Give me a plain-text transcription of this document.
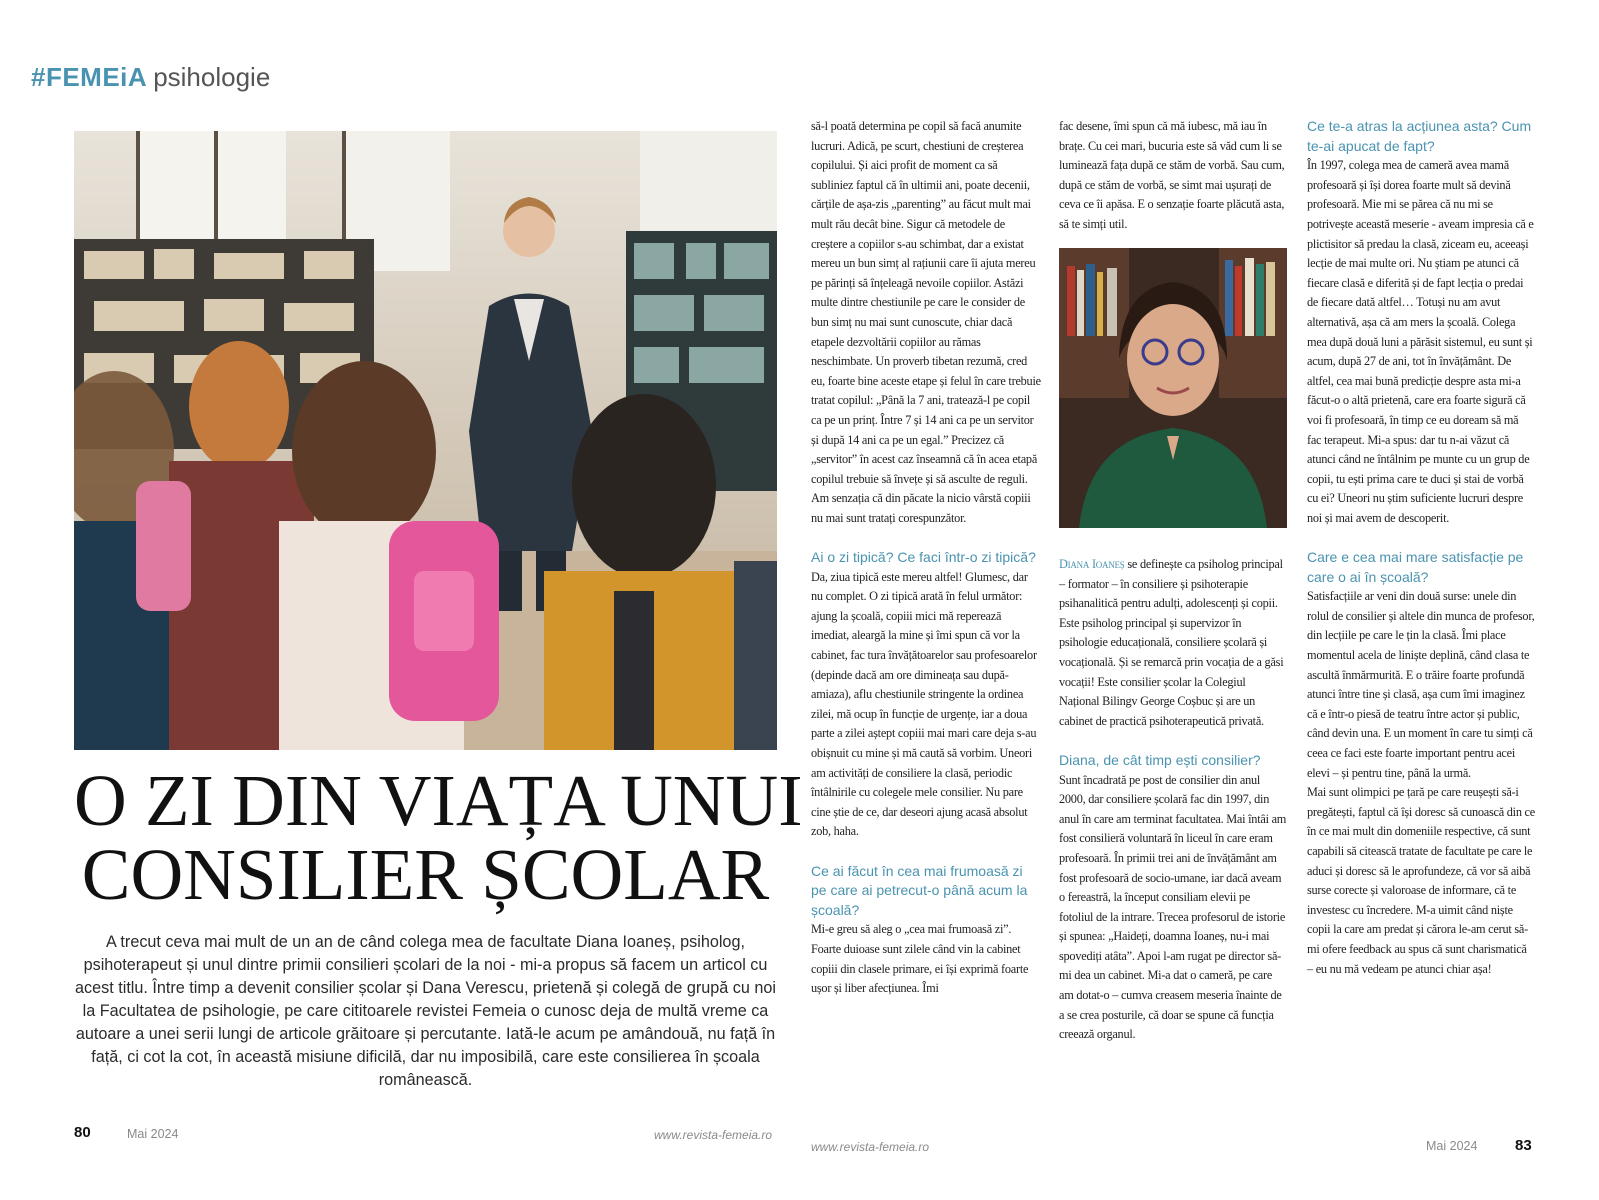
#FEMEiA psihologie
O ZI DIN VIAȚA UNUI
CONSILIER ȘCOLAR
A trecut ceva mai mult de un an de când colega mea de facultate Diana Ioaneș, psiholog, psihoterapeut și unul dintre primii consilieri școlari de la noi - mi-a propus să facem un articol cu acest titlu. Între timp a devenit consilier școlar și Dana Verescu, prietenă și colegă de grupă cu noi la Facultatea de psihologie, pe care cititoarele revistei Femeia o cunosc deja de multă vreme ca autoare a unei serii lungi de articole grăitoare și percutante. Iată-le acum pe amândouă, nu față în față, ci cot la cot, în această misiune dificilă, dar nu imposibilă, care este consilierea în școala românească.
80	Mai 2024	www.revista-femeia.ro
www.revista-femeia.ro	Mai 2024	83

să-l poată determina pe copil să facă anumite lucruri. Adică, pe scurt, chestiuni de creșterea copilului. Și aici profit de moment ca să subliniez faptul că în ultimii ani, poate decenii, cărțile de așa-zis „parenting” au făcut mult mai mult rău decât bine. Sigur că metodele de creștere a copiilor s-au schimbat, dar a existat mereu un bun simț al rațiunii care îi ajuta mereu pe părinți să înțeleagă nevoile copiilor. Astăzi multe dintre chestiunile pe care le consider de bun simț nu mai sunt cunoscute, chiar dacă etapele dezvoltării copiilor au rămas neschimbate. Un proverb tibetan rezumă, cred eu, foarte bine aceste etape și felul în care trebuie tratat copilul: „Până la 7 ani, tratează-l pe copil ca pe un prinț. Între 7 și 14 ani ca pe un servitor și după 14 ani ca pe un egal.” Precizez că „servitor” în acest caz înseamnă că în acea etapă copilul trebuie să învețe și să asculte de reguli. Am senzația că din păcate la nicio vârstă copiii nu mai sunt tratați corespunzător.

Ai o zi tipică? Ce faci într-o zi tipică?

Da, ziua tipică este mereu altfel! Glumesc, dar nu complet. O zi tipică arată în felul următor: ajung la școală, copiii mici mă repereazā imediat, aleargă la mine și îmi spun că vor la cabinet, fac tura învățătoarelor sau profesoarelor (depinde dacă am ore dimineața sau după-amiaza), aflu chestiunile stringente la ordinea zilei, mă ocup în funcție de urgențe, iar a doua parte a zilei aștept copiii mai mari care deja s-au obișnuit cu mine și mă caută să vorbim. Uneori am activități de consiliere la clasă, periodic întâlnirile cu colegele mele consilier. Nu pare cine știe de ce, dar deseori ajung acasă absolut zob, haha.

Ce ai făcut în cea mai frumoasă zi pe care ai petrecut-o până acum la școală?

Mi-e greu să aleg o „cea mai frumoasă zi”. Foarte duioase sunt zilele când vin la cabinet copiii din clasele primare, ei își exprimă foarte ușor și liber afecțiunea. Îmi

fac desene, îmi spun că mă iubesc, mă iau în brațe. Cu cei mari, bucuria este să văd cum li se luminează fața după ce stăm de vorbă. Sau cum, după ce stăm de vorbă, se simt mai ușurați de ceva ce îi apăsa. E o senzație foarte plăcută asta, să te simți util.

Diana Ioaneș se definește ca psiholog principal – formator – în consiliere și psihoterapie psihanalitică pentru adulți, adolescenți și copii. Este psiholog principal și supervizor în psihologie educațională, consiliere școlară și vocațională. Și se remarcă prin vocația de a găsi vocații! Este consilier școlar la Colegiul Național Bilingv George Coșbuc și are un cabinet de practică psihoterapeutică privată.

Diana, de cât timp ești consilier?

Sunt încadrată pe post de consilier din anul 2000, dar consiliere școlară fac din 1997, din anul în care am terminat facultatea. Mai întâi am fost consilieră voluntară în liceul în care eram profesoară. În primii trei ani de învățământ am fost profesoară de socio-umane, iar dacă aveam o fereastră, la început consiliam elevii pe fotoliul de la intrare. Trecea profesorul de istorie și spunea: „Haideți, doamna Ioaneș, nu-i mai spovediți atâta”. Apoi l-am rugat pe director să-mi dea un cabinet. Mi-a dat o cameră, pe care am dotat-o – cumva creasem meseria înainte de a se crea posturile, că doar se spune că funcția creează organul.

Ce te-a atras la acțiunea asta? Cum te-ai apucat de fapt?

În 1997, colega mea de cameră avea mamă profesoară și își dorea foarte mult să devină profesoară. Mie mi se părea că nu mi se potrivește această meserie - aveam impresia că e plictisitor să predau la clasă, ziceam eu, aceeași lecție de mai multe ori. Nu știam pe atunci că fiecare clasă e diferită și de fapt lecția o predai de fiecare dată altfel… Totuși nu am avut alternativă, așa că am mers la școală. Colega mea după două luni a părăsit sistemul, eu sunt și acum, după 27 de ani, tot în învățământ. De altfel, cea mai bună predicție despre asta mi-a făcut-o o altă prietenă, care era foarte sigură că voi fi profesoară, în timp ce eu doream să mă fac terapeut. Mi-a spus: dar tu n-ai văzut că atunci când ne întâlnim pe munte cu un grup de copii, tu ești prima care te duci și stai de vorbă cu ei? Uneori nu știm suficiente lucruri despre noi și mai avem de descoperit.

Care e cea mai mare satisfacție pe care o ai în școală?

Satisfacțiile ar veni din două surse: unele din rolul de consilier și altele din munca de profesor, din lecțiile pe care le țin la clasă. Îmi place momentul acela de liniște deplină, când clasa te ascultă înmărmurită. E o trăire foarte profundă atunci între tine și clasă, așa cum îmi imaginez că e într-o piesă de teatru între actor și public, când devin una. E un moment în care tu simți că ceea ce faci este foarte important pentru acei elevi – și pentru tine, până la urmă.

Mai sunt olimpici pe țară pe care reușești să-i pregătești, faptul că își doresc să cunoască din ce în ce mai mult din domeniile respective, că sunt capabili să citească tratate de facultate pe care le aduci și doresc să le aprofundeze, că vor să aibă surse corecte și valoroase de informare, că te investesc cu încredere. M-a uimit când niște copii la care am predat și cărora le-am cerut să-mi ofere feedback au spus că sunt charismatică – eu nu mă vedeam pe atunci chiar așa!
